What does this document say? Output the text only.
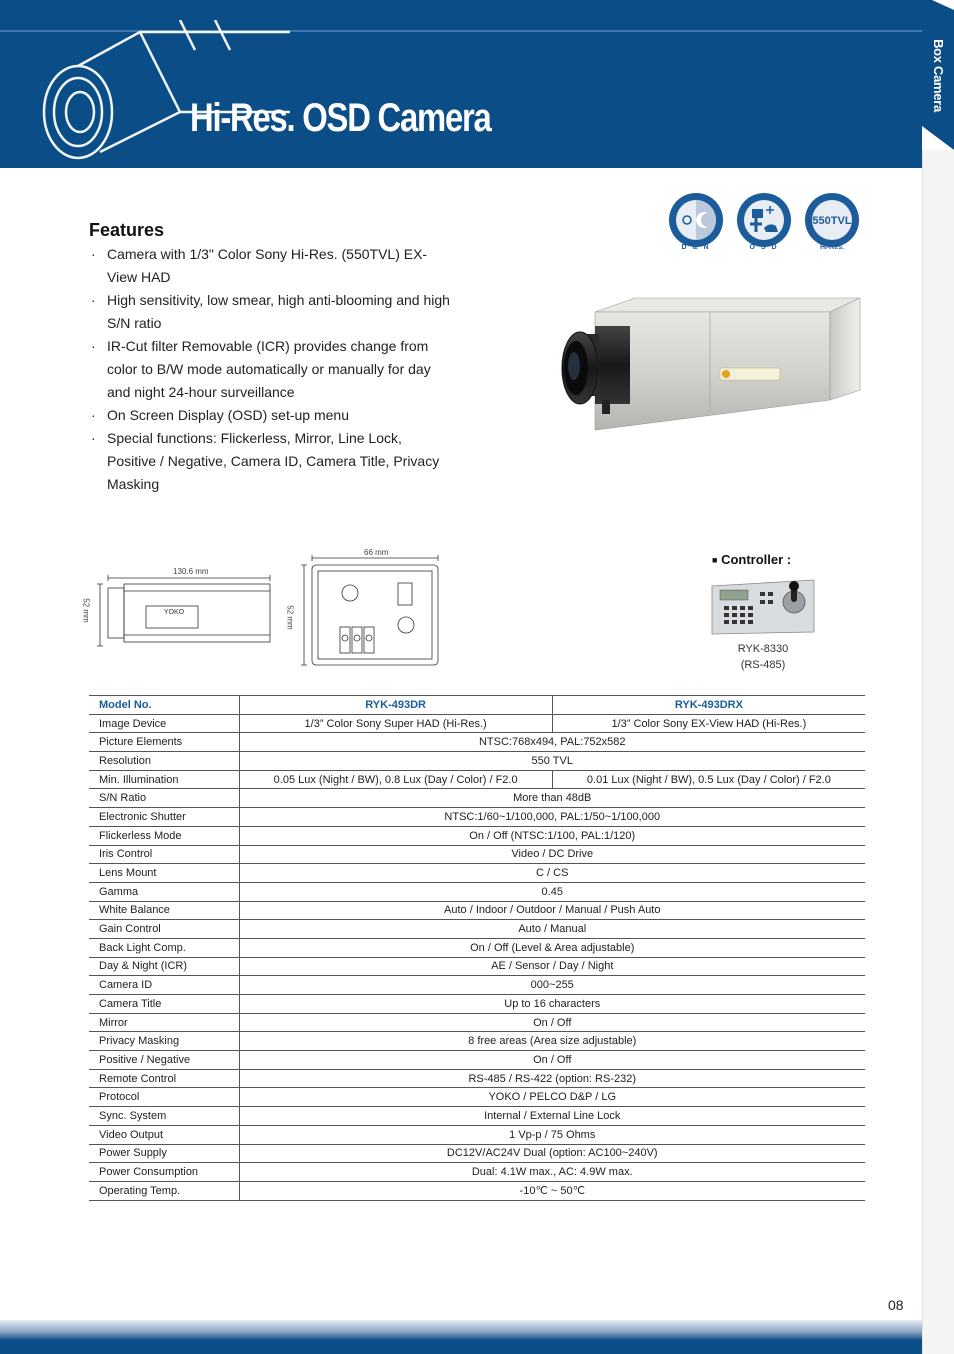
Hi-Res. OSD Camera
Box Camera
Features
· Camera with 1/3" Color Sony Hi-Res. (550TVL) EX-View HAD
· High sensitivity, low smear, high anti-blooming and high S/N ratio
· IR-Cut filter Removable (ICR) provides change from color to B/W mode automatically or manually for day and night 24-hour surveillance
· On Screen Display (OSD) set-up menu
· Special functions: Flickerless, Mirror, Line Lock, Positive / Negative, Camera ID, Camera Title, Privacy Masking
D & N	O S D
550TVL
Hi-Res.
130.6 mm
52 mm	YOKO
66 mm
52 mm
■ Controller :
RYK-8330
(RS-485)
Model No.	RYK-493DR	RYK-493DRX
Image Device	1/3” Color Sony Super HAD (Hi-Res.)	1/3” Color Sony EX-View HAD (Hi-Res.)
Picture Elements	NTSC:768x494, PAL:752x582	
Resolution	550 TVL	
Min. Illumination	0.05 Lux (Night / BW), 0.8 Lux (Day / Color) / F2.0	0.01 Lux (Night / BW), 0.5 Lux (Day / Color) / F2.0
S/N Ratio	More than 48dB	
Electronic Shutter	NTSC:1/60~1/100,000, PAL:1/50~1/100,000	
Flickerless Mode	On / Off (NTSC:1/100, PAL:1/120)	
Iris Control	Video / DC Drive	
Lens Mount	C / CS	
Gamma	0.45	
White Balance	Auto / Indoor / Outdoor / Manual / Push Auto	
Gain Control	Auto / Manual	
Back Light Comp.	On / Off (Level & Area adjustable)	
Day & Night (ICR)	AE / Sensor / Day / Night	
Camera ID	000~255	
Camera Title	Up to 16 characters	
Mirror	On / Off	
Privacy Masking	8 free areas (Area size adjustable)	
Positive / Negative	On / Off	
Remote Control	RS-485 / RS-422 (option: RS-232)	
Protocol	YOKO / PELCO D&P / LG	
Sync. System	Internal / External Line Lock	
Video Output	1 Vp-p / 75 Ohms	
Power Supply	DC12V/AC24V Dual (option: AC100~240V)	
Power Consumption	Dual: 4.1W max., AC: 4.9W max.	
Operating Temp.	-10℃ ~ 50℃	
08
